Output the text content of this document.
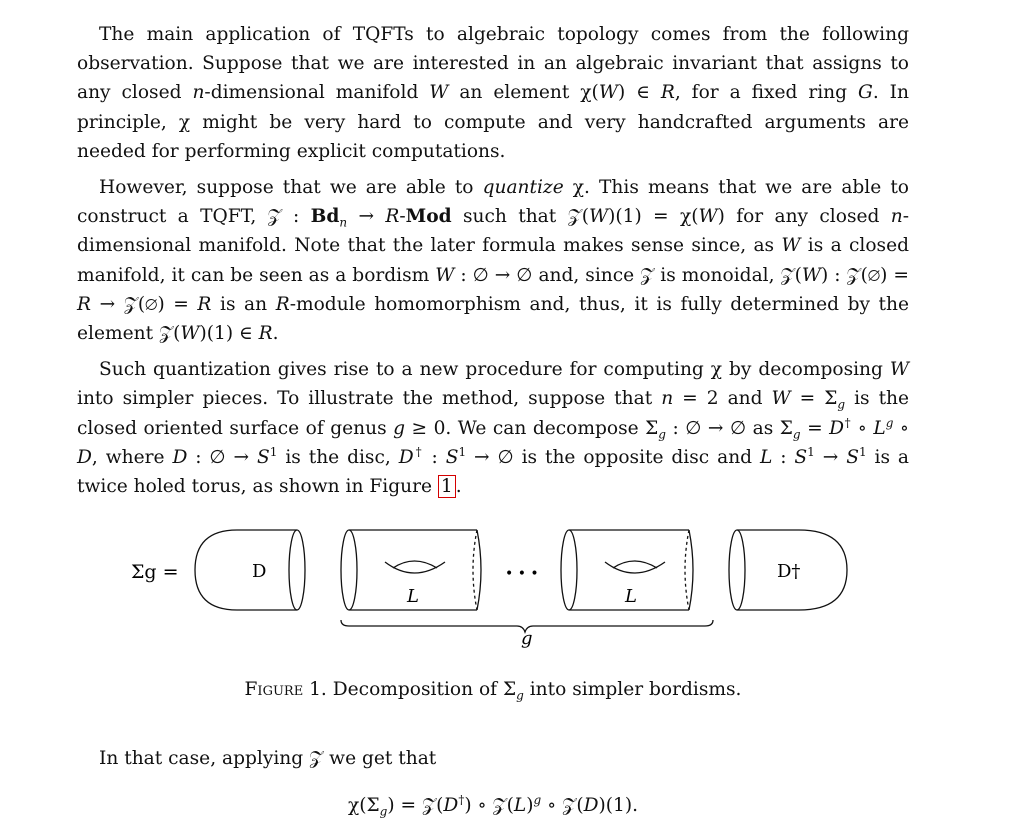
The main application of TQFTs to algebraic topology comes from the following observation. Suppose that we are interested in an algebraic invariant that assigns to any closed n-dimensional manifold W an element χ(W) ∈ R, for a fixed ring G. In principle, χ might be very hard to compute and very handcrafted arguments are needed for performing explicit computations.

However, suppose that we are able to quantize χ. This means that we are able to construct a TQFT, 𝒵 : $Bd_n \to R-Mod$ such that 𝒵(W)(1) = χ(W) for any closed n-dimensional manifold. Note that the later formula makes sense since, as W is a closed manifold, it can be seen as a bordism W : ∅ → ∅ and, since 𝒵 is monoidal, 𝒵(W) : 𝒵(∅) = R → 𝒵(∅) = R is an R-module homomorphism and, thus, it is fully determined by the element 𝒵(W)(1) ∈ R.

Such quantization gives rise to a new procedure for computing χ by decomposing W into simpler pieces. To illustrate the method, suppose that n = 2 and $W = \Sigma_g$ is the closed oriented surface of genus g ≥ 0. We can decompose $\Sigma_g$ : ∅ → ∅ as $\Sigma_g = D^\dagger$ ∘ $L^g$ ∘ D, where D : ∅ → $S^1$ is the disc, D† : $S^1$ → ∅ is the opposite disc and L : $S^1 \to S^1$ is a twice holed torus, as shown in Figure 1 .

Σg =	D
L
• • •
L
D†
g
Figure 1. Decomposition of $\Sigma_g$ into simpler bordisms.

In that case, applying 𝒵 we get that

$\chi(\Sigma_g)$ = 𝒵(D†) ∘ $𝒵(L)^g$ ∘ 𝒵(D)(1).
